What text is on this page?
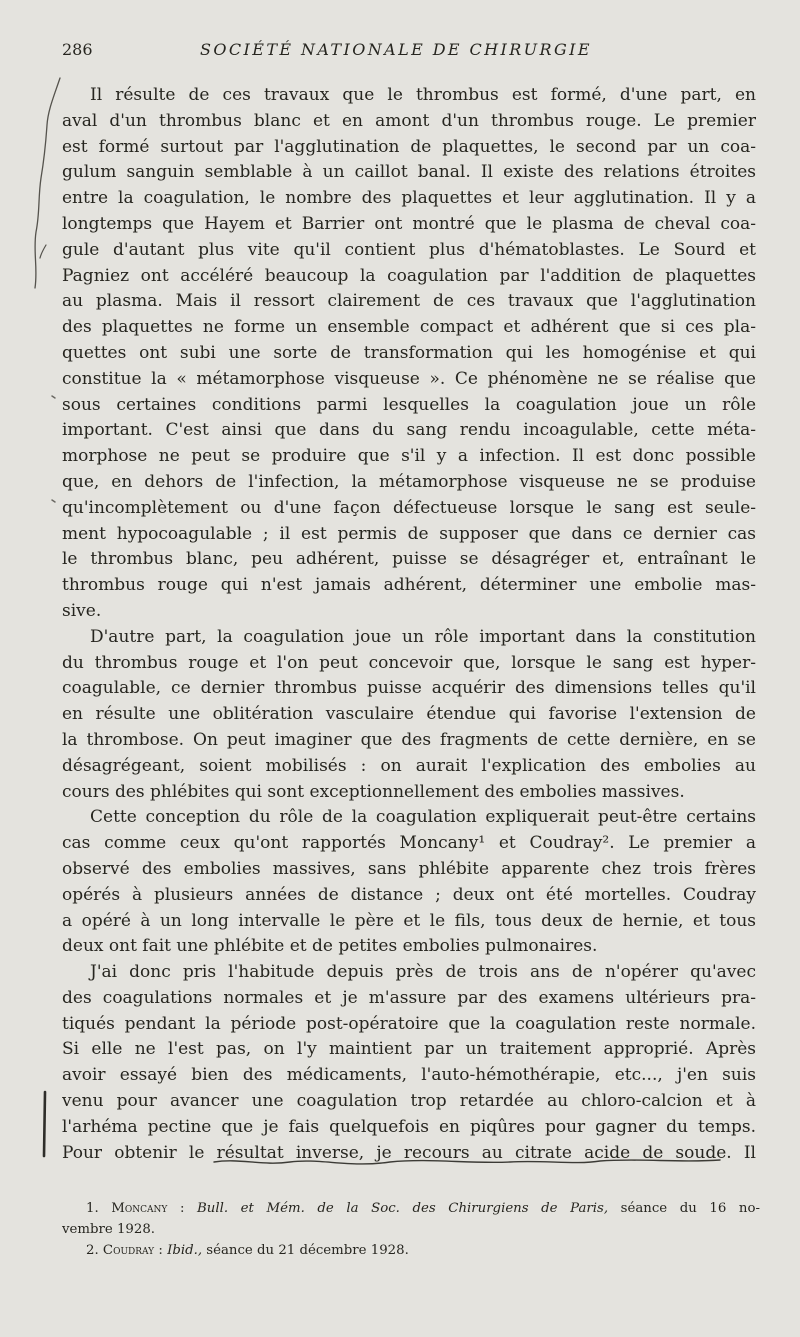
286	SOCIÉTÉ NATIONALE DE CHIRURGIE
Il résulte de ces travaux que le thrombus est formé, d'une part, en
aval d'un thrombus blanc et en amont d'un thrombus rouge. Le premier
est formé surtout par l'agglutination de plaquettes, le second par un coa-
gulum sanguin semblable à un caillot banal. Il existe des relations étroites
entre la coagulation, le nombre des plaquettes et leur agglutination. Il y a
longtemps que Hayem et Barrier ont montré que le plasma de cheval coa-
gule d'autant plus vite qu'il contient plus d'hématoblastes. Le Sourd et
Pagniez ont accéléré beaucoup la coagulation par l'addition de plaquettes
au plasma. Mais il ressort clairement de ces travaux que l'agglutination
des plaquettes ne forme un ensemble compact et adhérent que si ces pla-
quettes ont subi une sorte de transformation qui les homogénise et qui
constitue la « métamorphose visqueuse ». Ce phénomène ne se réalise que
sous certaines conditions parmi lesquelles la coagulation joue un rôle
important. C'est ainsi que dans du sang rendu incoagulable, cette méta-
morphose ne peut se produire que s'il y a infection. Il est donc possible
que, en dehors de l'infection, la métamorphose visqueuse ne se produise
qu'incomplètement ou d'une façon défectueuse lorsque le sang est seule-
ment hypocoagulable ; il est permis de supposer que dans ce dernier cas
le thrombus blanc, peu adhérent, puisse se désagréger et, entraînant le
thrombus rouge qui n'est jamais adhérent, déterminer une embolie mas-
sive.
D'autre part, la coagulation joue un rôle important dans la constitution
du thrombus rouge et l'on peut concevoir que, lorsque le sang est hyper-
coagulable, ce dernier thrombus puisse acquérir des dimensions telles qu'il
en résulte une oblitération vasculaire étendue qui favorise l'extension de
la thrombose. On peut imaginer que des fragments de cette dernière, en se
désagrégeant, soient mobilisés : on aurait l'explication des embolies au
cours des phlébites qui sont exceptionnellement des embolies massives.
Cette conception du rôle de la coagulation expliquerait peut-être certains
cas comme ceux qu'ont rapportés Moncany¹ et Coudray². Le premier a
observé des embolies massives, sans phlébite apparente chez trois frères
opérés à plusieurs années de distance ; deux ont été mortelles. Coudray
a opéré à un long intervalle le père et le fils, tous deux de hernie, et tous
deux ont fait une phlébite et de petites embolies pulmonaires.
J'ai donc pris l'habitude depuis près de trois ans de n'opérer qu'avec
des coagulations normales et je m'assure par des examens ultérieurs pra-
tiqués pendant la période post-opératoire que la coagulation reste normale.
Si elle ne l'est pas, on l'y maintient par un traitement approprié. Après
avoir essayé bien des médicaments, l'auto-hémothérapie, etc..., j'en suis
venu pour avancer une coagulation trop retardée au chloro-calcion et à
l'arhéma pectine que je fais quelquefois en piqûres pour gagner du temps.
Pour obtenir le résultat inverse, je recours au citrate acide de soude. Il
1. Moncany : Bull. et Mém. de la Soc. des Chirurgiens de Paris, séance du 16 no-
vembre 1928.
2. Coudray : Ibid., séance du 21 décembre 1928.
